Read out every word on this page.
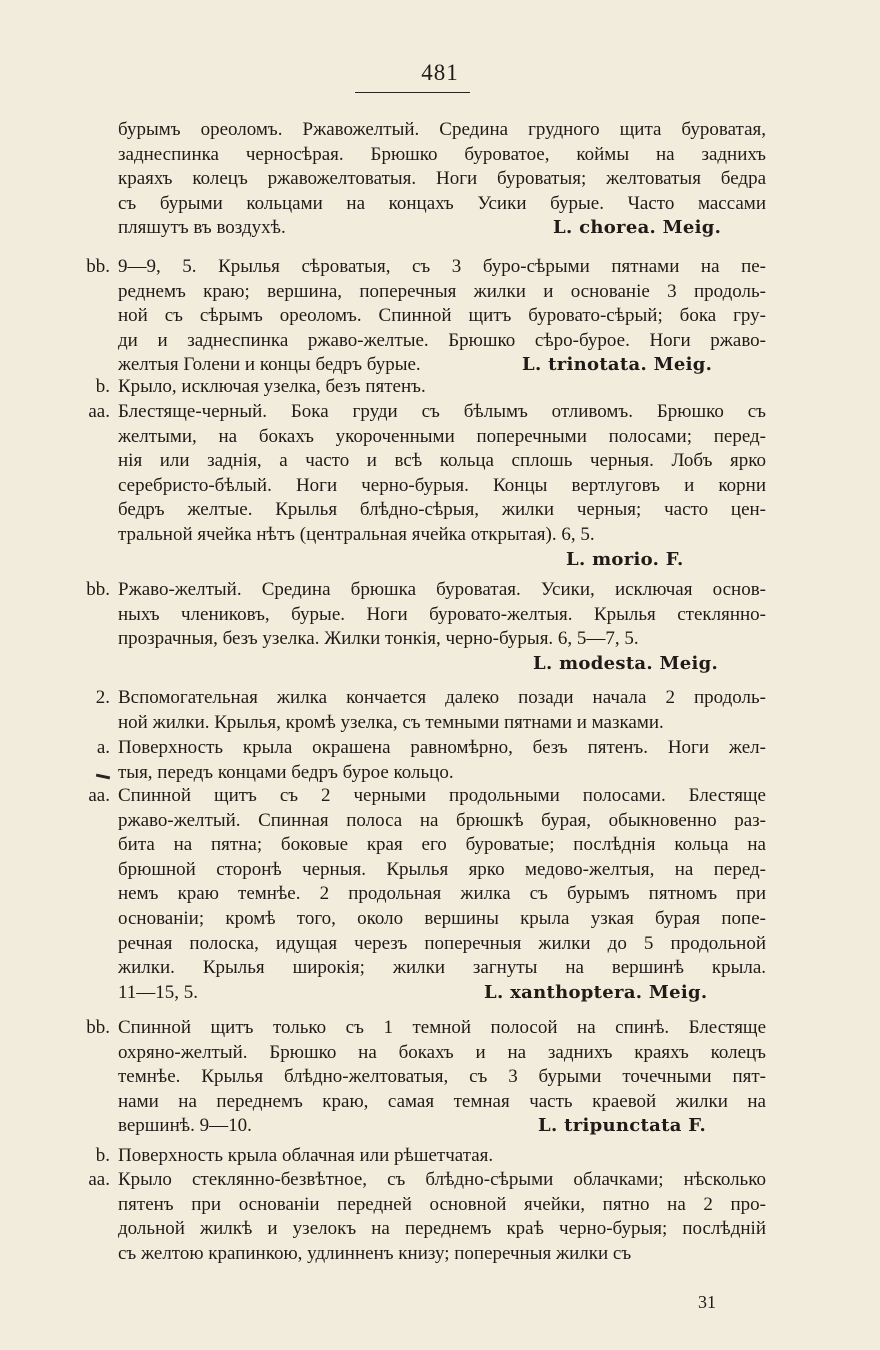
481
бурымъ ореоломъ. Ржавожелтый. Средина грудного щита буроватая,
заднеспинка черносѣрая. Брюшко буроватое, коймы на заднихъ
краяхъ колецъ ржавожелтоватыя. Ноги буроватыя; желтоватыя бедра
съ бурыми кольцами на концахъ Усики бурые. Часто массами
пляшутъ въ воздухѣ.	L. chorea. Meig.
bb. 9—9, 5. Крылья сѣроватыя, съ 3 буро-сѣрыми пятнами на пе-
реднемъ краю; вершина, поперечныя жилки и основаніе 3 продоль-
ной съ сѣрымъ ореоломъ. Спинной щитъ буровато-сѣрый; бока гру-
ди и заднеспинка ржаво-желтые. Брюшко сѣро-бурое. Ноги ржаво-
желтыя Голени и концы бедръ бурые.	L. trinotata. Meig.
b. Крыло, исключая узелка, безъ пятенъ.
aa. Блестяще-черный. Бока груди съ бѣлымъ отливомъ. Брюшко съ
желтыми, на бокахъ укороченными поперечными полосами; перед-
нія или заднія, а часто и всѣ кольца сплошь черныя. Лобъ ярко
серебристо-бѣлый. Ноги черно-бурыя. Концы вертлуговъ и корни
бедръ желтые. Крылья блѣдно-сѣрыя, жилки черныя; часто цен-
тральной ячейка нѣтъ (центральная ячейка открытая). 6, 5.
L. morio. F.
bb. Ржаво-желтый. Средина брюшка буроватая. Усики, исключая основ-
ныхъ члениковъ, бурые. Ноги буровато-желтыя. Крылья стеклянно-
прозрачныя, безъ узелка. Жилки тонкія, черно-бурыя. 6, 5—7, 5.
L. modesta. Meig.
2. Вспомогательная жилка кончается далеко позади начала 2 продоль-
ной жилки. Крылья, кромѣ узелка, съ темными пятнами и мазками.
a. Поверхность крыла окрашена равномѣрно, безъ пятенъ. Ноги жел-
тыя, передъ концами бедръ бурое кольцо.
aa. Спинной щитъ съ 2 черными продольными полосами. Блестяще
ржаво-желтый. Спинная полоса на брюшкѣ бурая, обыкновенно раз-
бита на пятна; боковые края его буроватые; послѣднія кольца на
брюшной сторонѣ черныя. Крылья ярко медово-желтыя, на перед-
немъ краю темнѣе. 2 продольная жилка съ бурымъ пятномъ при
основаніи; кромѣ того, около вершины крыла узкая бурая попе-
речная полоска, идущая черезъ поперечныя жилки до 5 продольной
жилки. Крылья широкія; жилки загнуты на вершинѣ крыла.
11—15, 5.	L. xanthoptera. Meig.
bb. Спинной щитъ только съ 1 темной полосой на спинѣ. Блестяще
охряно-желтый. Брюшко на бокахъ и на заднихъ краяхъ колецъ
темнѣе. Крылья блѣдно-желтоватыя, съ 3 бурыми точечными пят-
нами на переднемъ краю, самая темная часть краевой жилки на
вершинѣ. 9—10.	L. tripunctata F.
b. Поверхность крыла облачная или рѣшетчатая.
aa. Крыло стеклянно-безвѣтное, съ блѣдно-сѣрыми облачками; нѣсколько
пятенъ при основаніи передней основной ячейки, пятно на 2 про-
дольной жилкѣ и узелокъ на переднемъ краѣ черно-бурыя; послѣдній
съ желтою крапинкою, удлинненъ книзу; поперечныя жилки съ
31
